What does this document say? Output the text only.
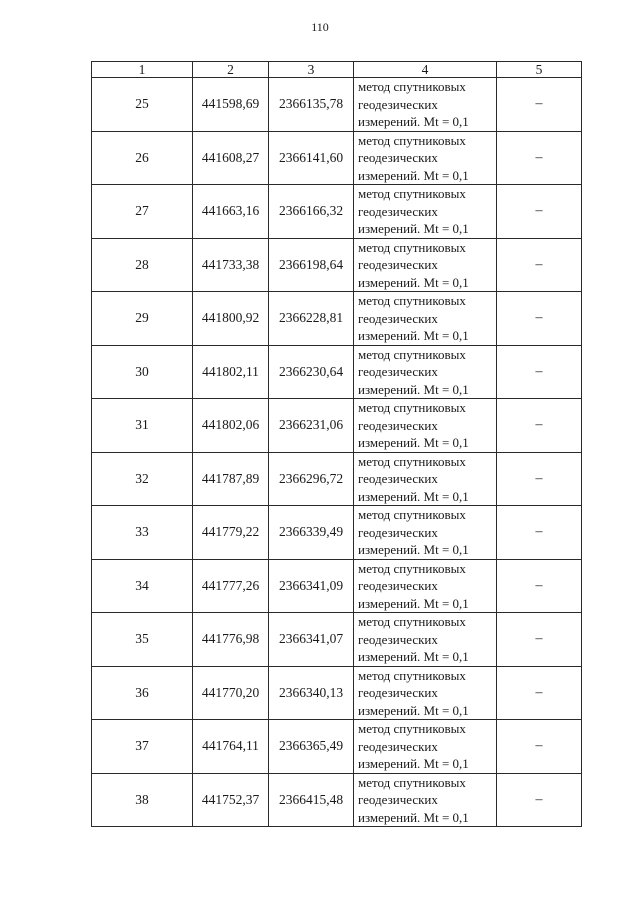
110
1	2	3	4	5
25	441598,69	2366135,78	метод спутниковых
геодезических
измерений. Mt = 0,1	–
26	441608,27	2366141,60	метод спутниковых
геодезических
измерений. Mt = 0,1	–
27	441663,16	2366166,32	метод спутниковых
геодезических
измерений. Mt = 0,1	–
28	441733,38	2366198,64	метод спутниковых
геодезических
измерений. Mt = 0,1	–
29	441800,92	2366228,81	метод спутниковых
геодезических
измерений. Mt = 0,1	–
30	441802,11	2366230,64	метод спутниковых
геодезических
измерений. Mt = 0,1	–
31	441802,06	2366231,06	метод спутниковых
геодезических
измерений. Mt = 0,1	–
32	441787,89	2366296,72	метод спутниковых
геодезических
измерений. Mt = 0,1	–
33	441779,22	2366339,49	метод спутниковых
геодезических
измерений. Mt = 0,1	–
34	441777,26	2366341,09	метод спутниковых
геодезических
измерений. Mt = 0,1	–
35	441776,98	2366341,07	метод спутниковых
геодезических
измерений. Mt = 0,1	–
36	441770,20	2366340,13	метод спутниковых
геодезических
измерений. Mt = 0,1	–
37	441764,11	2366365,49	метод спутниковых
геодезических
измерений. Mt = 0,1	–
38	441752,37	2366415,48	метод спутниковых
геодезических
измерений. Mt = 0,1	–
